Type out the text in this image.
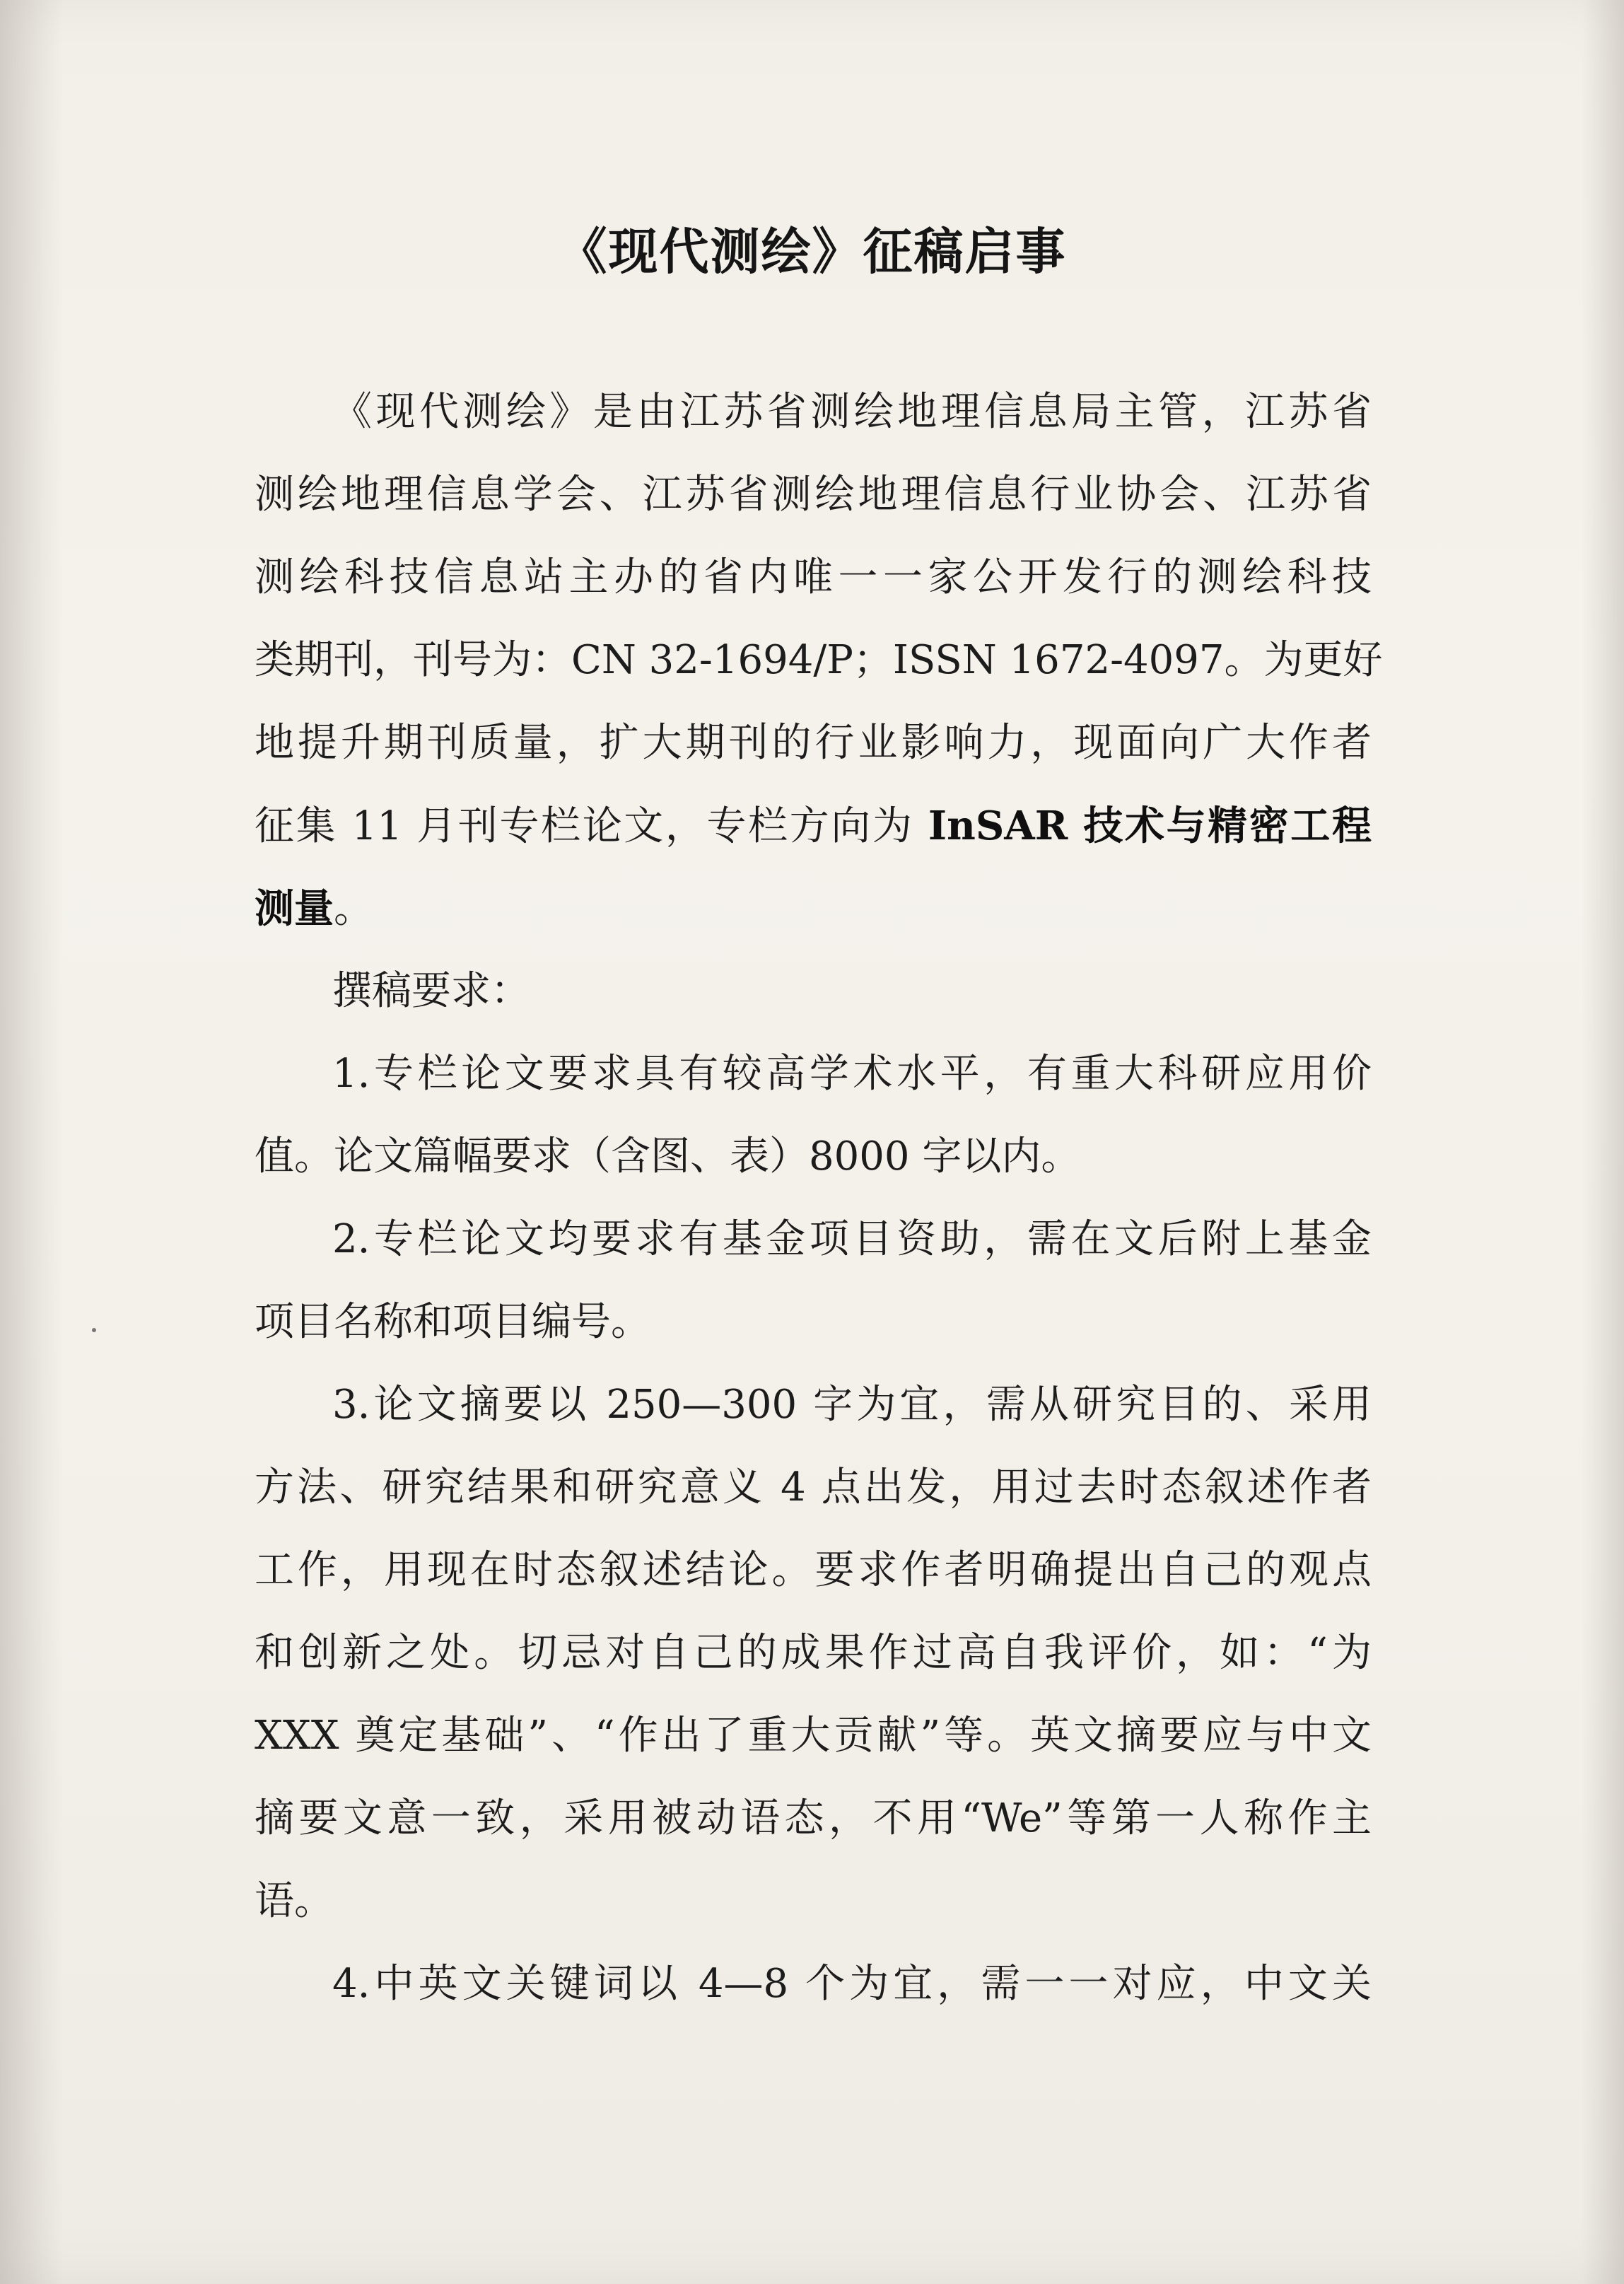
《现代测绘》征稿启事
《现代测绘》是由江苏省测绘地理信息局主管，江苏省
测绘地理信息学会、江苏省测绘地理信息行业协会、江苏省
测绘科技信息站主办的省内唯一一家公开发行的测绘科技
类期刊，刊号为：CN 32-1694/P；ISSN 1672-4097。为更好
地提升期刊质量，扩大期刊的行业影响力，现面向广大作者
征集 11 月刊专栏论文，专栏方向为 InSAR 技术与精密工程
测量。
撰稿要求：
1.专栏论文要求具有较高学术水平，有重大科研应用价
值。论文篇幅要求（含图、表）8000 字以内。
2.专栏论文均要求有基金项目资助，需在文后附上基金
项目名称和项目编号。
3.论文摘要以 250—300 字为宜，需从研究目的、采用
方法、研究结果和研究意义 4 点出发，用过去时态叙述作者
工作，用现在时态叙述结论。要求作者明确提出自己的观点
和创新之处。切忌对自己的成果作过高自我评价，如：“为
XXX 奠定基础”、“作出了重大贡献”等。英文摘要应与中文
摘要文意一致，采用被动语态，不用“We”等第一人称作主
语。
4.中英文关键词以 4—8 个为宜，需一一对应，中文关
